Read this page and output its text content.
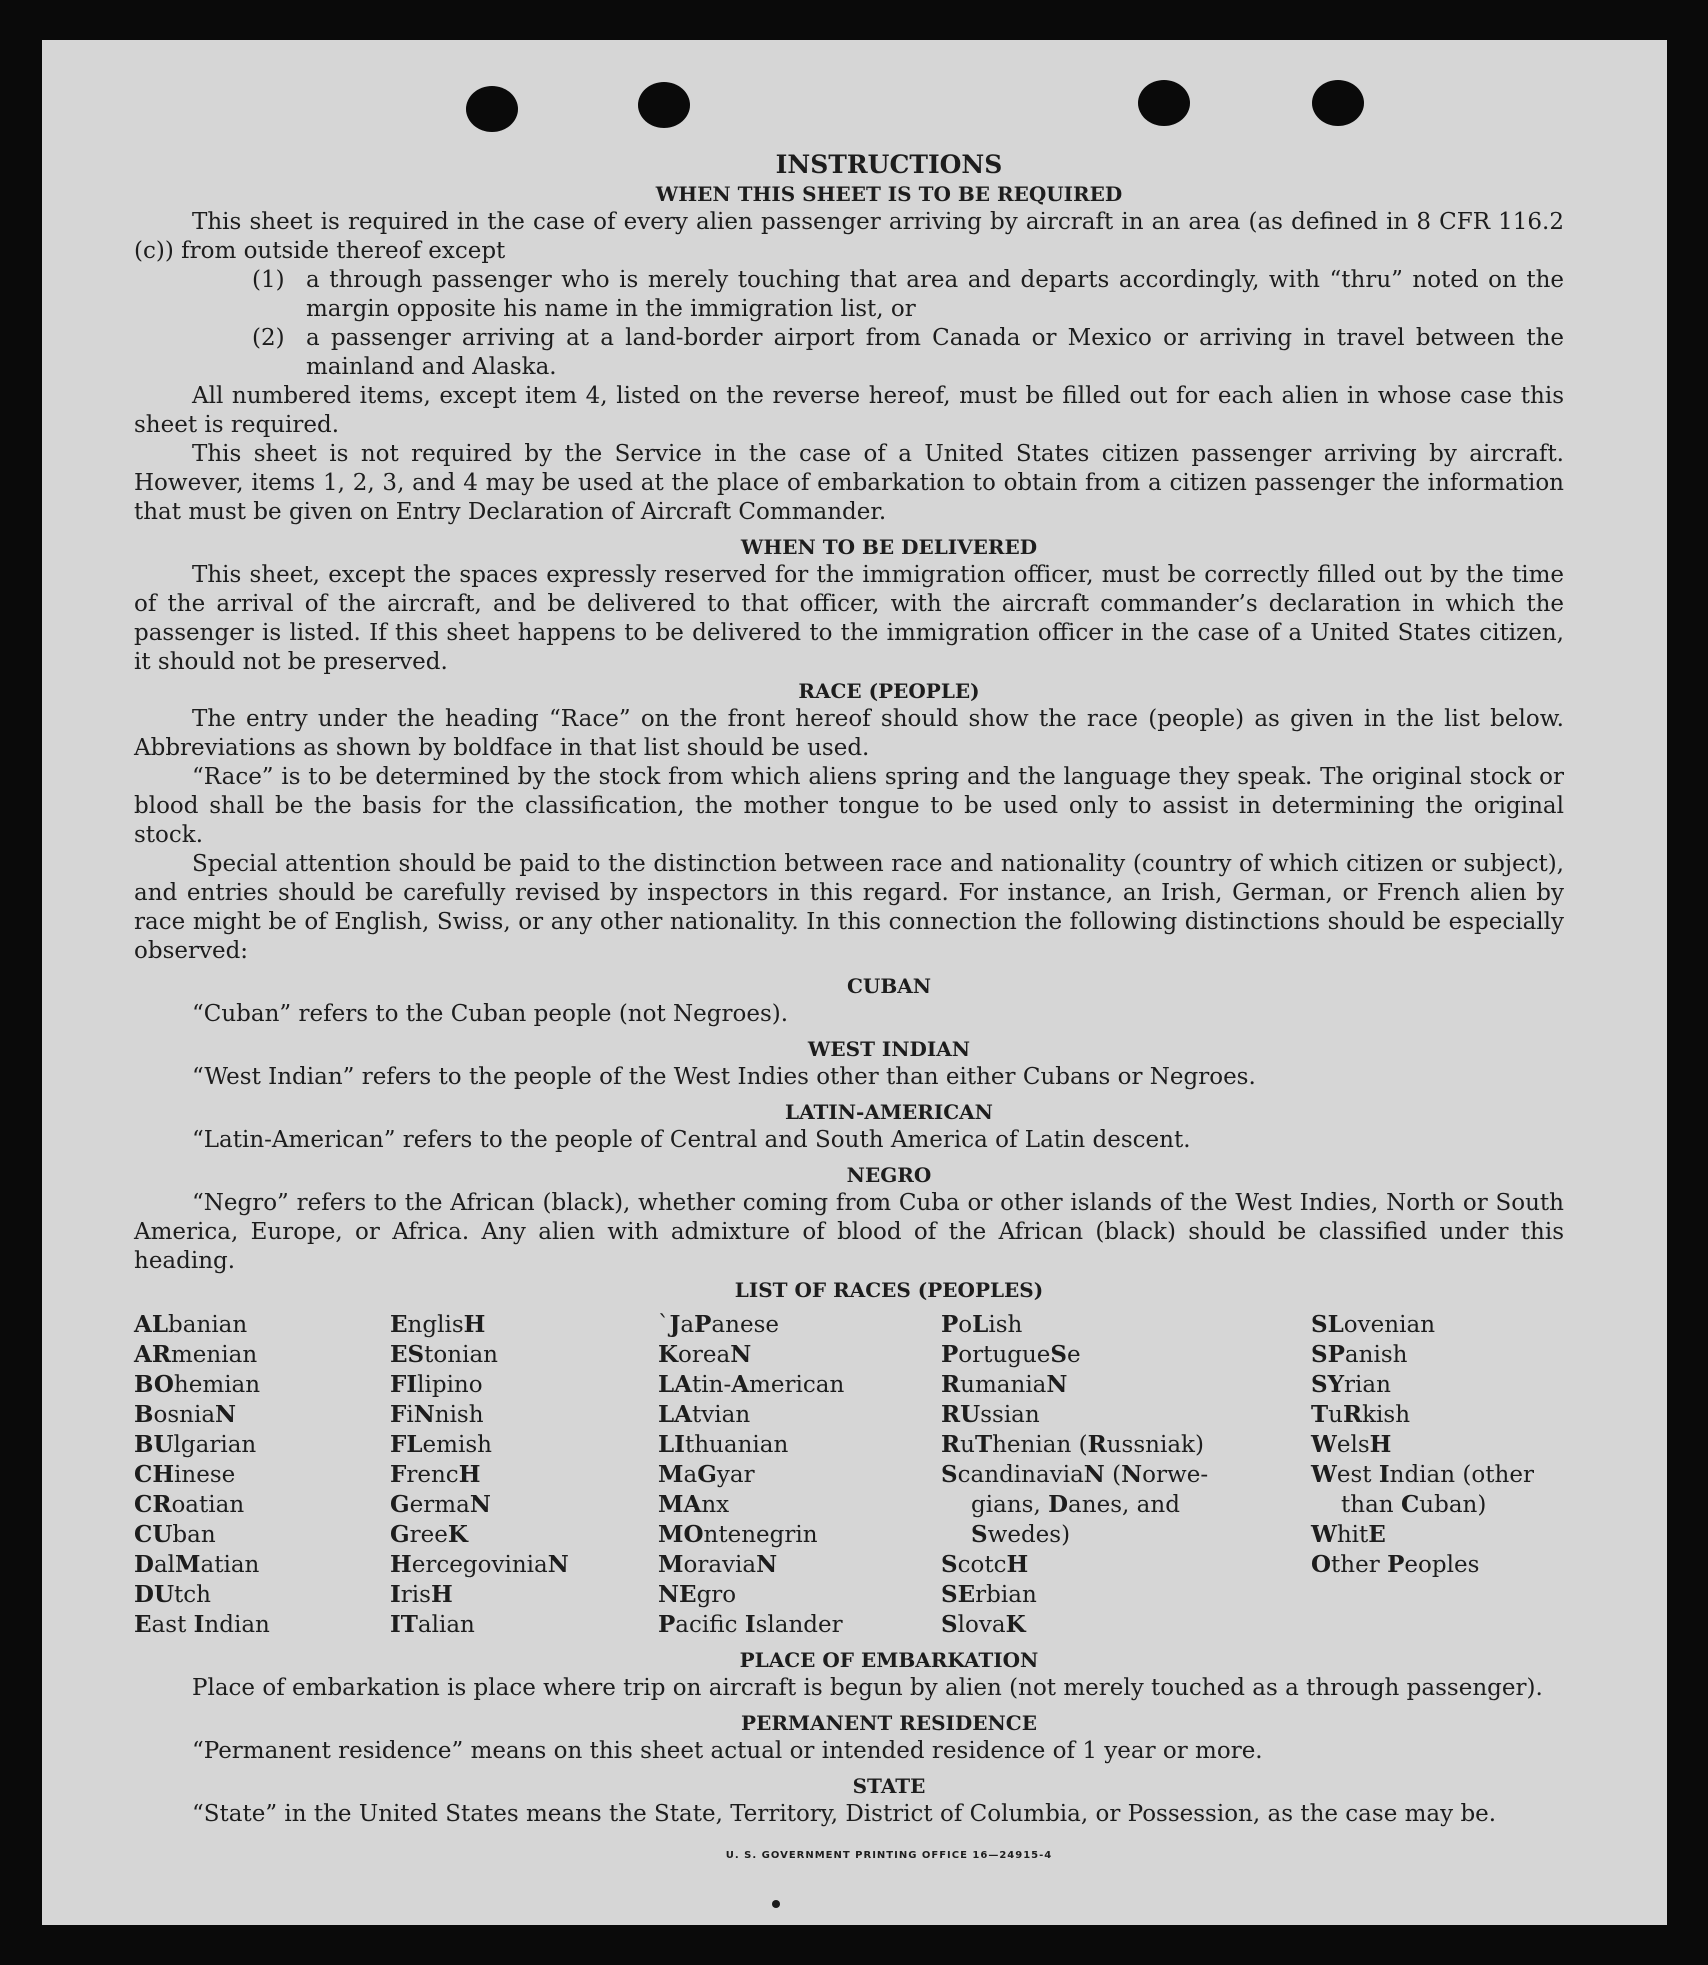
INSTRUCTIONS
WHEN THIS SHEET IS TO BE REQUIRED

This sheet is required in the case of every alien passenger arriving by aircraft in an area (as defined in 8 CFR 116.2 (c)) from outside thereof except

(1) a through passenger who is merely touching that area and departs accordingly, with “thru” noted on the margin opposite his name in the immigration list, or
(2) a passenger arriving at a land-border airport from Canada or Mexico or arriving in travel between the mainland and Alaska.

All numbered items, except item 4, listed on the reverse hereof, must be filled out for each alien in whose case this sheet is required.

This sheet is not required by the Service in the case of a United States citizen passenger arriving by aircraft. However, items 1, 2, 3, and 4 may be used at the place of embarkation to obtain from a citizen passenger the information that must be given on Entry Declaration of Aircraft Commander.

WHEN TO BE DELIVERED

This sheet, except the spaces expressly reserved for the immigration officer, must be correctly filled out by the time of the arrival of the aircraft, and be delivered to that officer, with the aircraft commander’s declaration in which the passenger is listed. If this sheet happens to be delivered to the immigration officer in the case of a United States citizen, it should not be preserved.

RACE (PEOPLE)

The entry under the heading “Race” on the front hereof should show the race (people) as given in the list below. Abbreviations as shown by boldface in that list should be used.

“Race” is to be determined by the stock from which aliens spring and the language they speak. The original stock or blood shall be the basis for the classification, the mother tongue to be used only to assist in determining the original stock.

Special attention should be paid to the distinction between race and nationality (country of which citizen or subject), and entries should be carefully revised by inspectors in this regard. For instance, an Irish, German, or French alien by race might be of English, Swiss, or any other nationality. In this connection the following distinctions should be especially observed:

CUBAN

“Cuban” refers to the Cuban people (not Negroes).

WEST INDIAN

“West Indian” refers to the people of the West Indies other than either Cubans or Negroes.

LATIN-AMERICAN

“Latin-American” refers to the people of Central and South America of Latin descent.

NEGRO

“Negro” refers to the African (black), whether coming from Cuba or other islands of the West Indies, North or South America, Europe, or Africa. Any alien with admixture of blood of the African (black) should be classified under this heading.

LIST OF RACES (PEOPLES)
ALbanian
ARmenian
BOhemian
BosniaN
BUlgarian
CHinese
CRoatian
CUban
DalMatian
DUtch
East Indian
EnglisH
EStonian
FIlipino
FiNnish
FLemish
FrencH
GermaN
GreeK
HercegoviniaN
IrisH
ITalian
`JaPanese
KoreaN
LAtin-American
LAtvian
LIthuanian
MaGyar
MAnx
MOntenegrin
MoraviaN
NEgro
Pacifc Islander
PoLish
PortugueSe
RumaniaN
RUssian
RuThenian (Russniak)
ScandinaviaN (Norwe-
gians, Danes, and
Swedes)
ScotcH
SErbian
SlovaK
SLovenian
SPanish
SYrian
TuRkish
WelsH
West Indian (other
than Cuban)
WhitE
Other Peoples
PLACE OF EMBARKATION

Place of embarkation is place where trip on aircraft is begun by alien (not merely touched as a through passenger).

PERMANENT RESIDENCE

“Permanent residence” means on this sheet actual or intended residence of 1 year or more.

STATE

“State” in the United States means the State, Territory, District of Columbia, or Possession, as the case may be.

U. S. GOVERNMENT PRINTING OFFICE 16—24915-4
